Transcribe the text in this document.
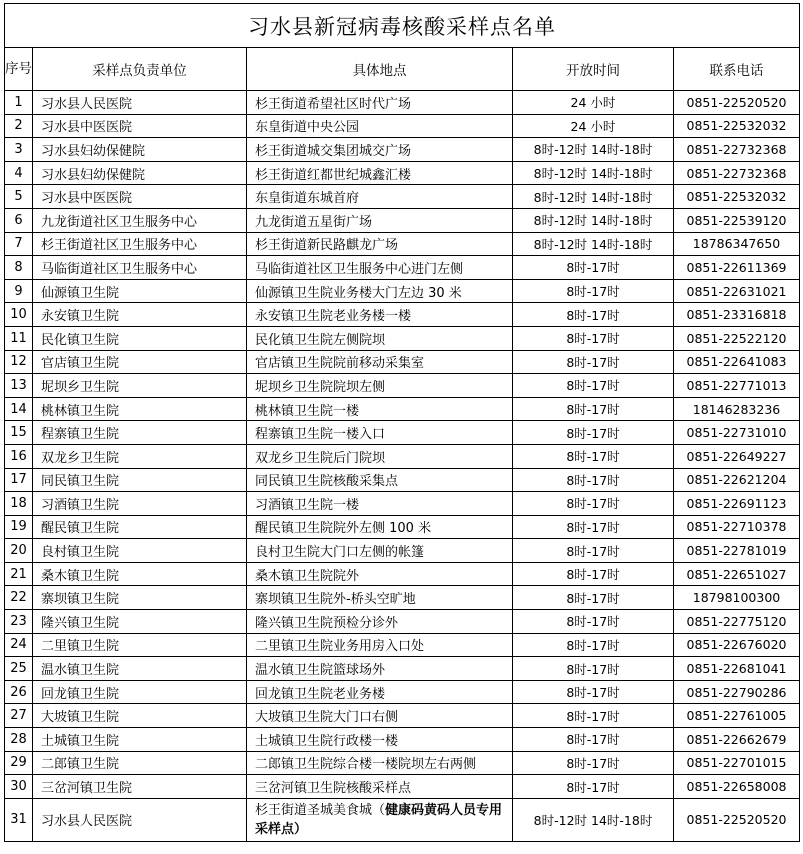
习水县新冠病毒核酸采样点名单				
序号	采样点负责单位	具体地点	开放时间	联系电话
1	习水县人民医院	杉王街道希望社区时代广场	24 小时	0851-22520520
2	习水县中医医院	东皇街道中央公园	24 小时	0851-22532032
3	习水县妇幼保健院	杉王街道城交集团城交广场	8时-12时 14时-18时	0851-22732368
4	习水县妇幼保健院	杉王街道红都世纪城鑫汇楼	8时-12时 14时-18时	0851-22732368
5	习水县中医医院	东皇街道东城首府	8时-12时 14时-18时	0851-22532032
6	九龙街道社区卫生服务中心	九龙街道五星街广场	8时-12时 14时-18时	0851-22539120
7	杉王街道社区卫生服务中心	杉王街道新民路麒龙广场	8时-12时 14时-18时	18786347650
8	马临街道社区卫生服务中心	马临街道社区卫生服务中心进门左侧	8时-17时	0851-22611369
9	仙源镇卫生院	仙源镇卫生院业务楼大门左边 30 米	8时-17时	0851-22631021
10	永安镇卫生院	永安镇卫生院老业务楼一楼	8时-17时	0851-23316818
11	民化镇卫生院	民化镇卫生院左侧院坝	8时-17时	0851-22522120
12	官店镇卫生院	官店镇卫生院院前移动采集室	8时-17时	0851-22641083
13	坭坝乡卫生院	坭坝乡卫生院院坝左侧	8时-17时	0851-22771013
14	桃林镇卫生院	桃林镇卫生院一楼	8时-17时	18146283236
15	程寨镇卫生院	程寨镇卫生院一楼入口	8时-17时	0851-22731010
16	双龙乡卫生院	双龙乡卫生院后门院坝	8时-17时	0851-22649227
17	同民镇卫生院	同民镇卫生院核酸采集点	8时-17时	0851-22621204
18	习酒镇卫生院	习酒镇卫生院一楼	8时-17时	0851-22691123
19	醒民镇卫生院	醒民镇卫生院院外左侧 100 米	8时-17时	0851-22710378
20	良村镇卫生院	良村卫生院大门口左侧的帐篷	8时-17时	0851-22781019
21	桑木镇卫生院	桑木镇卫生院院外	8时-17时	0851-22651027
22	寨坝镇卫生院	寨坝镇卫生院外-桥头空旷地	8时-17时	18798100300
23	隆兴镇卫生院	隆兴镇卫生院预检分诊外	8时-17时	0851-22775120
24	二里镇卫生院	二里镇卫生院业务用房入口处	8时-17时	0851-22676020
25	温水镇卫生院	温水镇卫生院篮球场外	8时-17时	0851-22681041
26	回龙镇卫生院	回龙镇卫生院老业务楼	8时-17时	0851-22790286
27	大坡镇卫生院	大坡镇卫生院大门口右侧	8时-17时	0851-22761005
28	土城镇卫生院	土城镇卫生院行政楼一楼	8时-17时	0851-22662679
29	二郎镇卫生院	二郎镇卫生院综合楼一楼院坝左右两侧	8时-17时	0851-22701015
30	三岔河镇卫生院	三岔河镇卫生院核酸采样点	8时-17时	0851-22658008
31	习水县人民医院	杉王街道圣城美食城（健康码黄码人员专用采样点）	8时-12时 14时-18时	0851-22520520
